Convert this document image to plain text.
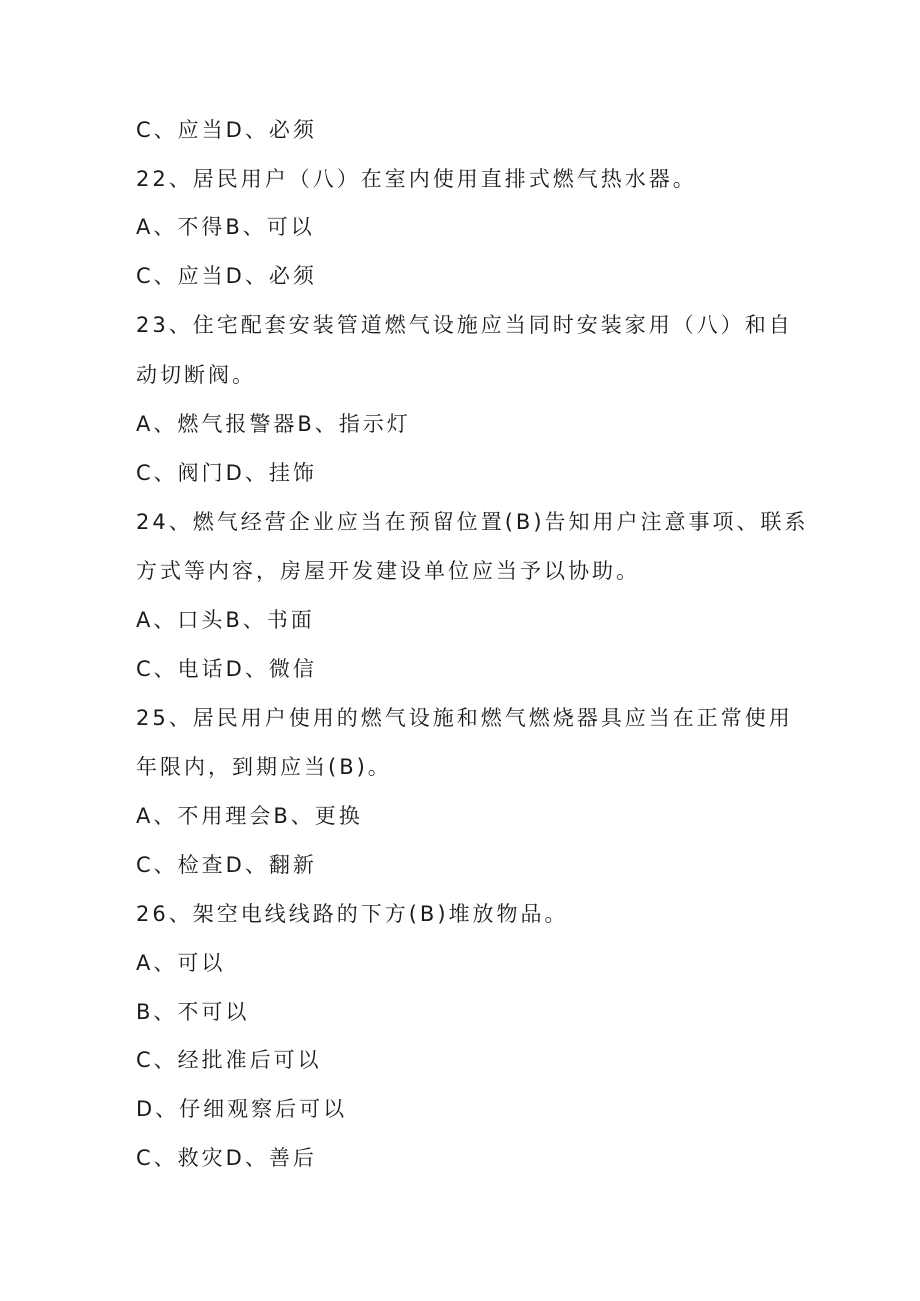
C、应当D、必须
22、居民用户（八）在室内使用直排式燃气热水器。
A、不得B、可以
C、应当D、必须
23、住宅配套安装管道燃气设施应当同时安装家用（八）和自
动切断阀。
A、燃气报警器B、指示灯
C、阀门D、挂饰
24、燃气经营企业应当在预留位置(B)告知用户注意事项、联系
方式等内容，房屋开发建设单位应当予以协助。
A、口头B、书面
C、电话D、微信
25、居民用户使用的燃气设施和燃气燃烧器具应当在正常使用
年限内，到期应当(B)。
A、不用理会B、更换
C、检查D、翻新
26、架空电线线路的下方(B)堆放物品。
A、可以
B、不可以
C、经批准后可以
D、仔细观察后可以
C、救灾D、善后
